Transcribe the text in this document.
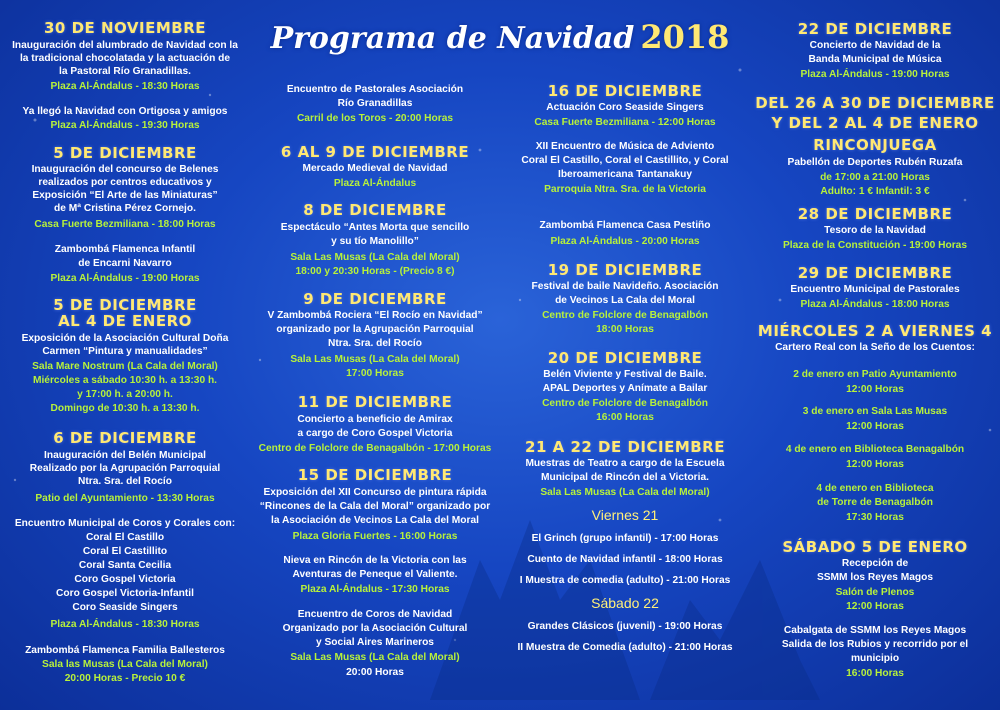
Programa de Navidad 2018
30 DE NOVIEMBRE
Inauguración del alumbrado de Navidad con la
la tradicional chocolatada y la actuación de
la Pastoral Río Granadillas.
Plaza Al-Ándalus - 18:30 Horas
Ya llegó la Navidad con Ortigosa y amigos
Plaza Al-Ándalus - 19:30 Horas
5 DE DICIEMBRE
Inauguración del concurso de Belenes
realizados por centros educativos y
Exposición “El Arte de las Miniaturas”
de Mª Cristina Pérez Cornejo.
Casa Fuerte Bezmiliana - 18:00 Horas
Zambombá Flamenca Infantil
de Encarni Navarro
Plaza Al-Ándalus - 19:00 Horas
5 DE DICIEMBRE
AL 4 DE ENERO
Exposición de la Asociación Cultural Doña
Carmen “Pintura y manualidades”
Sala Mare Nostrum (La Cala del Moral)
Miércoles a sábado 10:30 h. a 13:30 h.
y 17:00 h. a 20:00 h.
Domingo de 10:30 h. a 13:30 h.
6 DE DICIEMBRE
Inauguración del Belén Municipal
Realizado por la Agrupación Parroquial
Ntra. Sra. del Rocío
Patio del Ayuntamiento - 13:30 Horas
Encuentro Municipal de Coros y Corales con:
Coral El Castillo
Coral El Castillito
Coral Santa Cecilia
Coro Gospel Victoria
Coro Gospel Victoria-Infantil
Coro Seaside Singers
Plaza Al-Ándalus - 18:30 Horas
Zambombá Flamenca Familia Ballesteros
Sala las Musas (La Cala del Moral)
20:00 Horas - Precio 10 €
Encuentro de Pastorales Asociación
Río Granadillas
Carril de los Toros - 20:00 Horas
6 AL 9 DE DICIEMBRE
Mercado Medieval de Navidad
Plaza Al-Ándalus
8 DE DICIEMBRE
Espectáculo “Antes Morta que sencillo
y su tío Manolillo”
Sala Las Musas (La Cala del Moral)
18:00 y 20:30 Horas - (Precio 8 €)
9 DE DICIEMBRE
V Zambombá Rociera “El Rocío en Navidad”
organizado por la Agrupación Parroquial
Ntra. Sra. del Rocío
Sala Las Musas (La Cala del Moral)
17:00 Horas
11 DE DICIEMBRE
Concierto a beneficio de Amirax
a cargo de Coro Gospel Victoria
Centro de Folclore de Benagalbón - 17:00 Horas
15 DE DICIEMBRE
Exposición del XII Concurso de pintura rápida
“Rincones de la Cala del Moral” organizado por
la Asociación de Vecinos La Cala del Moral
Plaza Gloria Fuertes - 16:00 Horas
Nieva en Rincón de la Victoria con las
Aventuras de Peneque el Valiente.
Plaza Al-Ándalus - 17:30 Horas
Encuentro de Coros de Navidad
Organizado por la Asociación Cultural
y Social Aires Marineros
Sala Las Musas (La Cala del Moral)
20:00 Horas
16 DE DICIEMBRE
Actuación Coro Seaside Singers
Casa Fuerte Bezmiliana - 12:00 Horas
XII Encuentro de Música de Adviento
Coral El Castillo, Coral el Castillito, y Coral
Iberoamericana Tantanakuy
Parroquia Ntra. Sra. de la Victoria
Zambombá Flamenca Casa Pestiño
Plaza Al-Ándalus - 20:00 Horas
19 DE DICIEMBRE
Festival de baile Navideño. Asociación
de Vecinos La Cala del Moral
Centro de Folclore de Benagalbón
18:00 Horas
20 DE DICIEMBRE
Belén Viviente y Festival de Baile.
APAL Deportes y Anímate a Bailar
Centro de Folclore de Benagalbón
16:00 Horas
21 A 22 DE DICIEMBRE
Muestras de Teatro a cargo de la Escuela
Municipal de Rincón del a Victoria.
Sala Las Musas (La Cala del Moral)
Viernes 21
El Grinch (grupo infantil) - 17:00 Horas
Cuento de Navidad infantil - 18:00 Horas
I Muestra de comedia (adulto) - 21:00 Horas
Sábado 22
Grandes Clásicos (juvenil) - 19:00 Horas
II Muestra de Comedia (adulto) - 21:00 Horas
22 DE DICIEMBRE
Concierto de Navidad de la
Banda Municipal de Música
Plaza Al-Ándalus - 19:00 Horas
DEL 26 A 30 DE DICIEMBRE
Y DEL 2 AL 4 DE ENERO
RINCONJUEGA
Pabellón de Deportes Rubén Ruzafa
de 17:00 a 21:00 Horas
Adulto: 1 € Infantil: 3 €
28 DE DICIEMBRE
Tesoro de la Navidad
Plaza de la Constitución - 19:00 Horas
29 DE DICIEMBRE
Encuentro Municipal de Pastorales
Plaza Al-Ándalus - 18:00 Horas
MIÉRCOLES 2 A VIERNES 4
Cartero Real con la Seño de los Cuentos:
2 de enero en Patio Ayuntamiento
12:00 Horas
3 de enero en Sala Las Musas
12:00 Horas
4 de enero en Biblioteca Benagalbón
12:00 Horas
4 de enero en Biblioteca
de Torre de Benagalbón
17:30 Horas
SÁBADO 5 DE ENERO
Recepción de
SSMM los Reyes Magos
Salón de Plenos
12:00 Horas
Cabalgata de SSMM los Reyes Magos
Salida de los Rubios y recorrido por el
municipio
16:00 Horas
